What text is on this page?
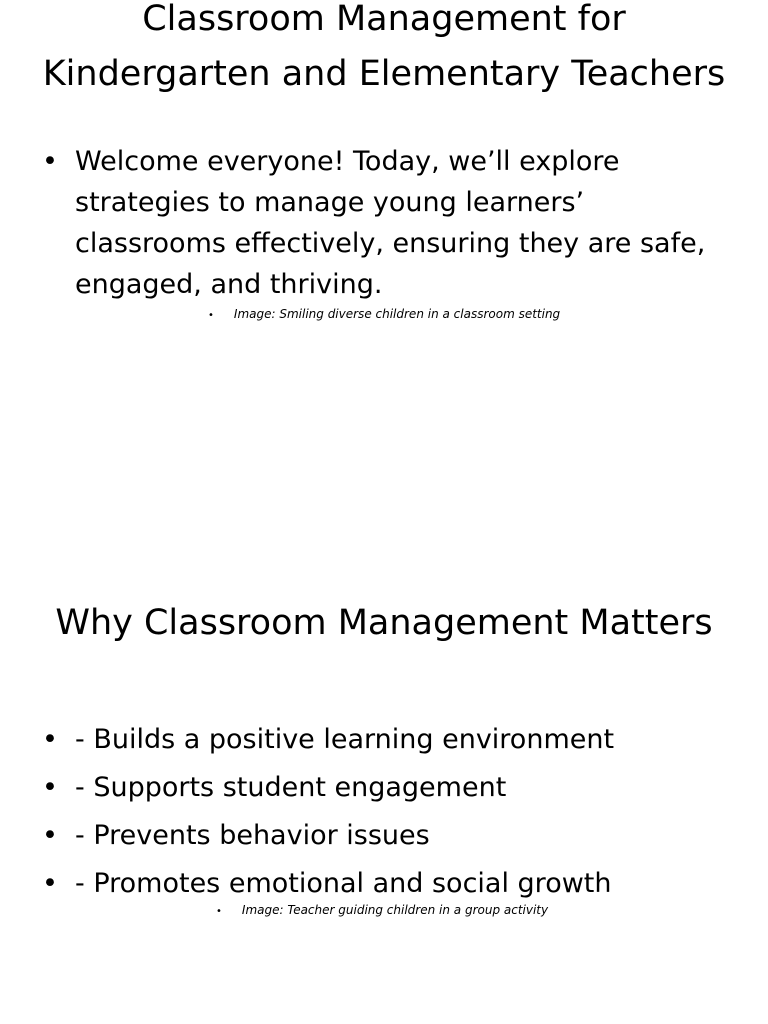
Classroom Management for Kindergarten and Elementary Teachers
• Welcome everyone! Today, we’ll explore strategies to manage young learners’ classrooms effectively, ensuring they are safe, engaged, and thriving.
• Image: Smiling diverse children in a classroom setting
Why Classroom Management Matters
• - Builds a positive learning environment
• - Supports student engagement
• - Prevents behavior issues
• - Promotes emotional and social growth
• Image: Teacher guiding children in a group activity
